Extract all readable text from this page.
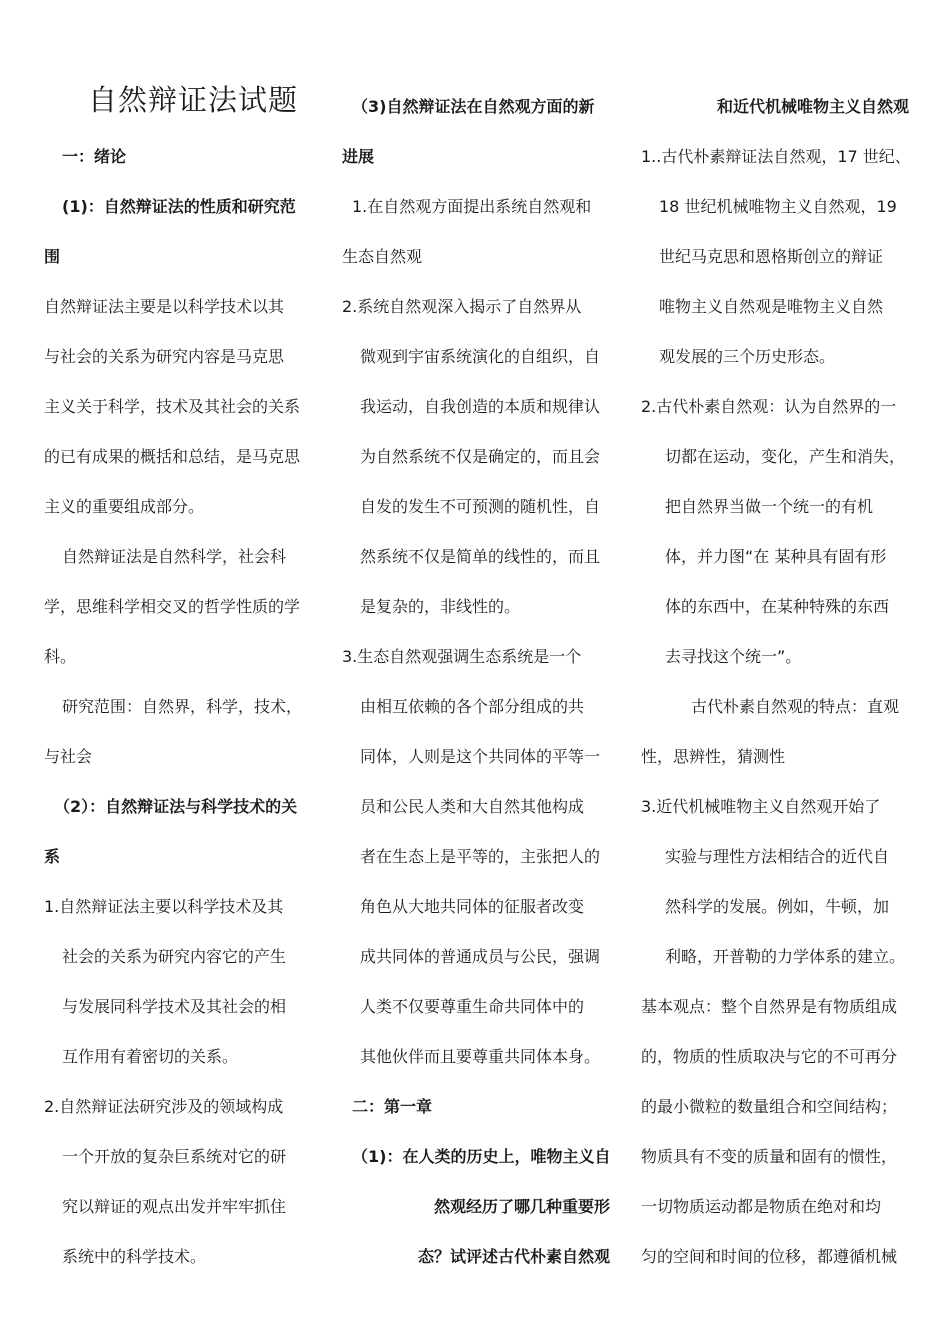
自然辩证法试题

一：绪论

(1)：自然辩证法的性质和研究范

围

自然辩证法主要是以科学技术以其

与社会的关系为研究内容是马克思

主义关于科学，技术及其社会的关系

的已有成果的概括和总结，是马克思

主义的重要组成部分。

自然辩证法是自然科学，社会科

学，思维科学相交叉的哲学性质的学

科。

研究范围：自然界，科学，技术，

与社会

（2）：自然辩证法与科学技术的关

系

1.自然辩证法主要以科学技术及其

社会的关系为研究内容它的产生

与发展同科学技术及其社会的相

互作用有着密切的关系。

2.自然辩证法研究涉及的领域构成

一个开放的复杂巨系统对它的研

究以辩证的观点出发并牢牢抓住

系统中的科学技术。

（3)自然辩证法在自然观方面的新

进展

1.在自然观方面提出系统自然观和

生态自然观

2.系统自然观深入揭示了自然界从

微观到宇宙系统演化的自组织，自

我运动，自我创造的本质和规律认

为自然系统不仅是确定的，而且会

自发的发生不可预测的随机性，自

然系统不仅是简单的线性的，而且

是复杂的，非线性的。

3.生态自然观强调生态系统是一个

由相互依赖的各个部分组成的共

同体，人则是这个共同体的平等一

员和公民人类和大自然其他构成

者在生态上是平等的，主张把人的

角色从大地共同体的征服者改变

成共同体的普通成员与公民，强调

人类不仅要尊重生命共同体中的

其他伙伴而且要尊重共同体本身。

二：第一章

（1)：在人类的历史上，唯物主义自

然观经历了哪几种重要形

态？试评述古代朴素自然观

和近代机械唯物主义自然观

1..古代朴素辩证法自然观，17 世纪、

18 世纪机械唯物主义自然观，19

世纪马克思和恩格斯创立的辩证

唯物主义自然观是唯物主义自然

观发展的三个历史形态。

2.古代朴素自然观：认为自然界的一

切都在运动，变化，产生和消失，

把自然界当做一个统一的有机

体，并力图“在 某种具有固有形

体的东西中，在某种特殊的东西

去寻找这个统一”。

古代朴素自然观的特点：直观

性，思辨性，猜测性

3.近代机械唯物主义自然观开始了

实验与理性方法相结合的近代自

然科学的发展。例如，牛顿，加

利略，开普勒的力学体系的建立。

基本观点：整个自然界是有物质组成

的，物质的性质取决与它的不可再分

的最小微粒的数量组合和空间结构；

物质具有不变的质量和固有的惯性，

一切物质运动都是物质在绝对和均

匀的空间和时间的位移，都遵循机械
